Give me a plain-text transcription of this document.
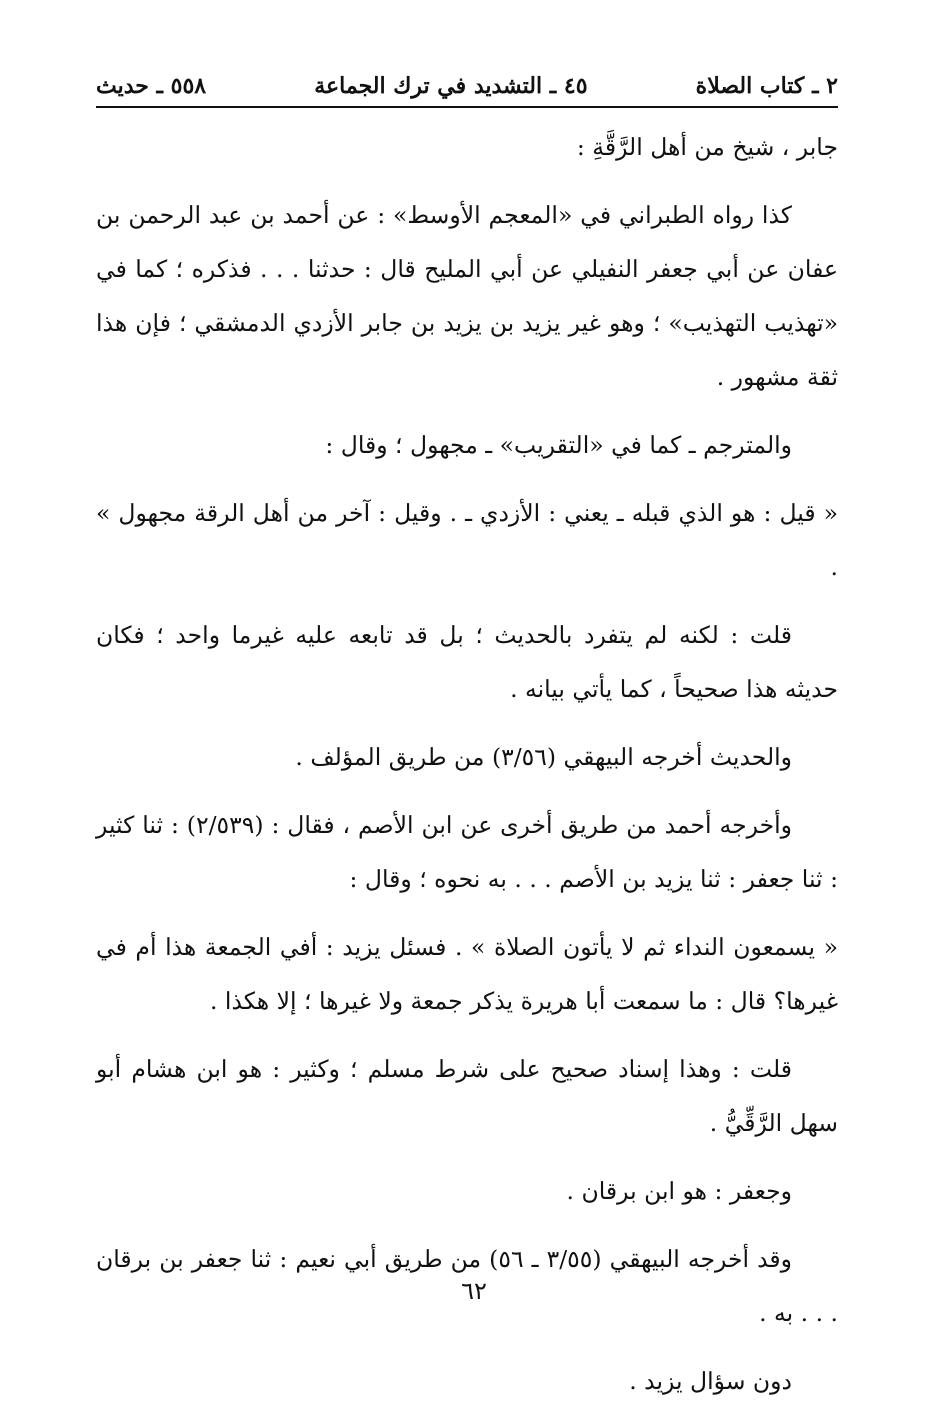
٢ ـ كتاب الصلاة
٤٥ ـ التشديد في ترك الجماعة
٥٥٨ ـ حديث

جابر ، شيخ من أهل الرَّقَّةِ :

كذا رواه الطبراني في «المعجم الأوسط» : عن أحمد بن عبد الرحمن بن عفان عن أبي جعفر النفيلي عن أبي المليح قال : حدثنا . . . فذكره ؛ كما في «تهذيب التهذيب» ؛ وهو غير يزيد بن يزيد بن جابر الأزدي الدمشقي ؛ فإن هذا ثقة مشهور .

والمترجم ـ كما في «التقريب» ـ مجهول ؛ وقال :

« قيل : هو الذي قبله ـ يعني : الأزدي ـ . وقيل : آخر من أهل الرقة مجهول » .

قلت : لكنه لم يتفرد بالحديث ؛ بل قد تابعه عليه غيرما واحد ؛ فكان حديثه هذا صحيحاً ، كما يأتي بيانه .

والحديث أخرجه البيهقي (٣/٥٦) من طريق المؤلف .

وأخرجه أحمد من طريق أخرى عن ابن الأصم ، فقال : (٢/٥٣٩) : ثنا كثير : ثنا جعفر : ثنا يزيد بن الأصم . . . به نحوه ؛ وقال :

« يسمعون النداء ثم لا يأتون الصلاة » . فسئل يزيد : أفي الجمعة هذا أم في غيرها؟ قال : ما سمعت أبا هريرة يذكر جمعة ولا غيرها ؛ إلا هكذا .

قلت : وهذا إسناد صحيح على شرط مسلم ؛ وكثير : هو ابن هشام أبو سهل الرَّقِّيُّ .

وجعفر : هو ابن برقان .

وقد أخرجه البيهقي (٣/٥٥ ـ ٥٦) من طريق أبي نعيم : ثنا جعفر بن برقان . . . به .

دون سؤال يزيد .

٦٢
